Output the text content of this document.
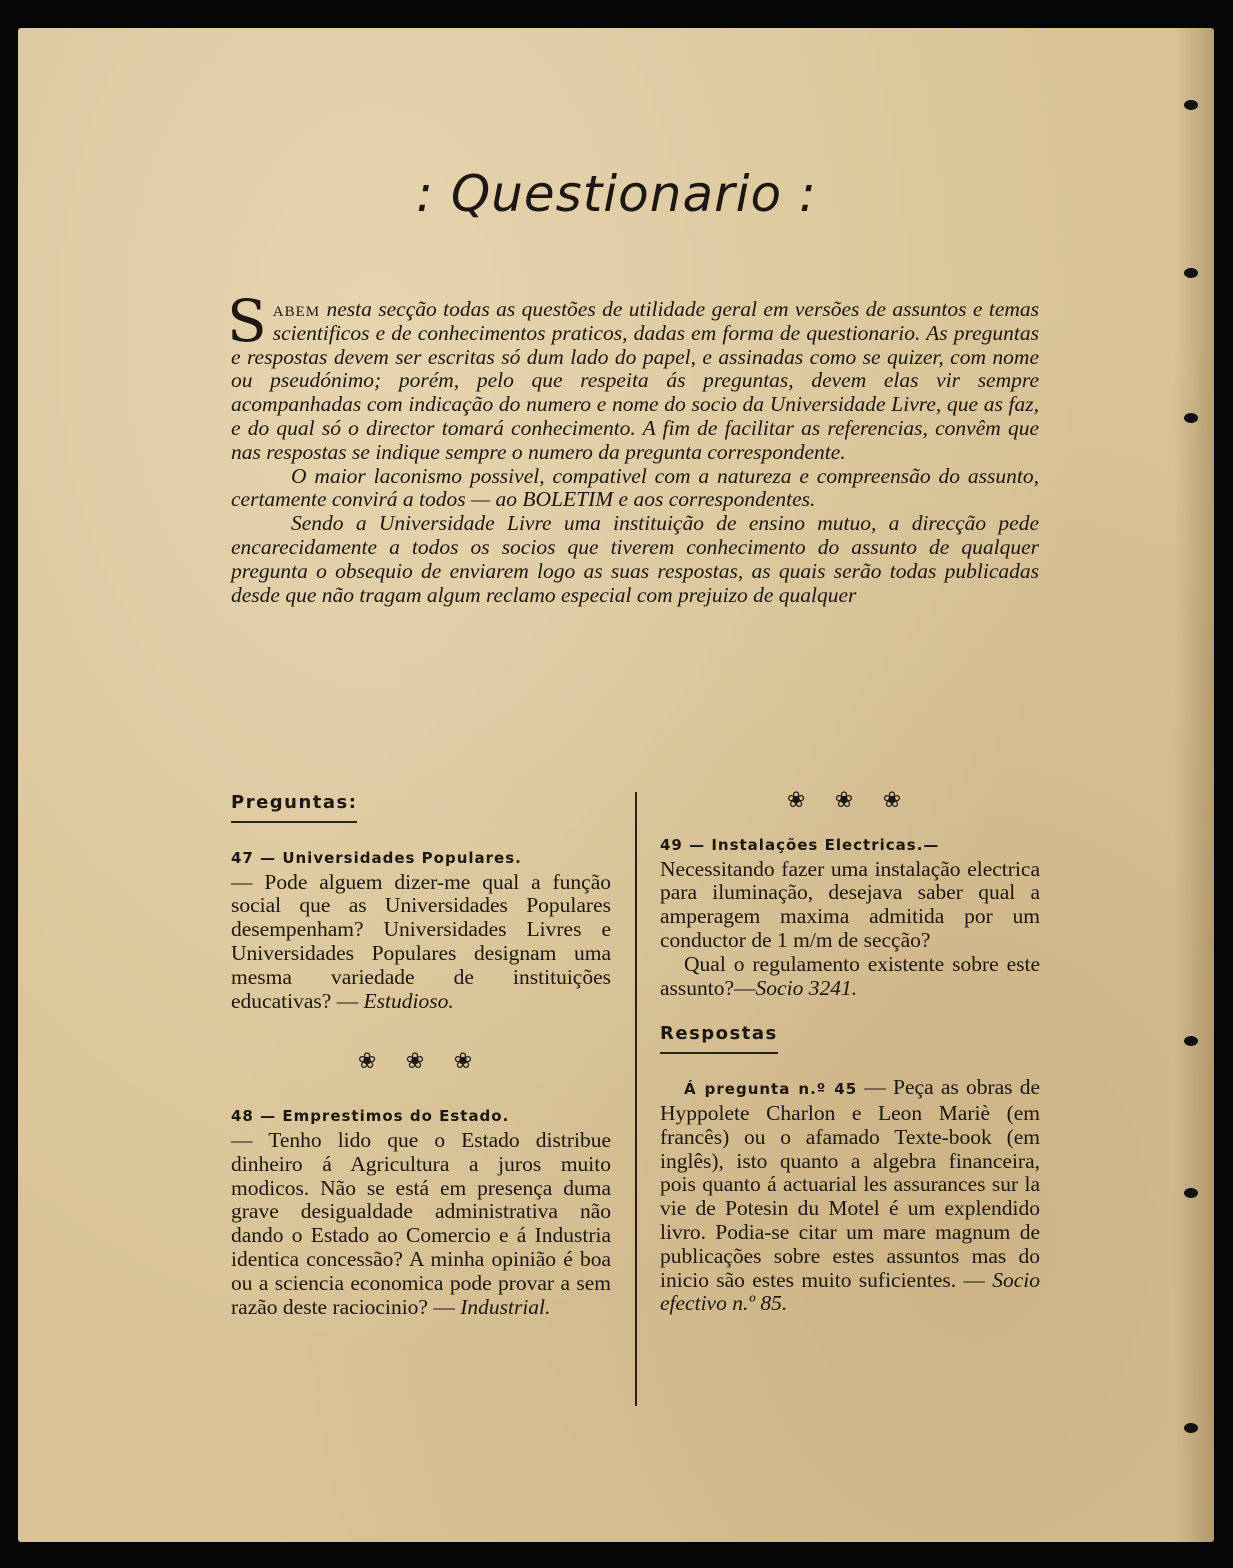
: Questionario :

Sabem nesta secção todas as questões de utilidade geral em versões de assuntos e temas scientificos e de conhecimentos praticos, dadas em forma de questionario. As preguntas e respostas devem ser escritas só dum lado do papel, e assinadas como se quizer, com nome ou pseudónimo; porém, pelo que respeita ás preguntas, devem elas vir sempre acompanhadas com indicação do numero e nome do socio da Universidade Livre, que as faz, e do qual só o director tomará conhecimento. A fim de facilitar as referencias, convêm que nas respostas se indique sempre o numero da pregunta correspondente.

O maior laconismo possivel, compativel com a natureza e compreensão do assunto, certamente convirá a todos — ao BOLETIM e aos correspondentes.

Sendo a Universidade Livre uma instituição de ensino mutuo, a direcção pede encarecidamente a todos os socios que tiverem conhecimento do assunto de qualquer pregunta o obsequio de enviarem logo as suas respostas, as quais serão todas publicadas desde que não tragam algum reclamo especial com prejuizo de qualquer

Preguntas:

47 — Universidades Populares.
— Pode alguem dizer-me qual a função social que as Universidades Populares desempenham? Universidades Livres e Universidades Populares designam uma mesma variedade de instituições educativas? — Estudioso.

❀ ❀ ❀

48 — Emprestimos do Estado.
— Tenho lido que o Estado distribue dinheiro á Agricultura a juros muito modicos. Não se está em presença duma grave desigualdade administrativa não dando o Estado ao Comercio e á Industria identica concessão? A minha opinião é boa ou a sciencia economica pode provar a sem razão deste raciocinio? — Industrial.

❀ ❀ ❀

49 — Instalações Electricas.—
Necessitando fazer uma instalação electrica para iluminação, desejava saber qual a amperagem maxima admitida por um conductor de 1 m/m de secção?

Qual o regulamento existente sobre este assunto?—Socio 3241.

Respostas

Á pregunta n.º 45 — Peça as obras de Hyppolete Charlon e Leon Mariè (em francês) ou o afamado Texte-book (em inglês), isto quanto a algebra financeira, pois quanto á actuarial les assurances sur la vie de Potesin du Motel é um explendido livro. Podia-se citar um mare magnum de publicações sobre estes assuntos mas do inicio são estes muito suficientes. — Socio efectivo n.º 85.
